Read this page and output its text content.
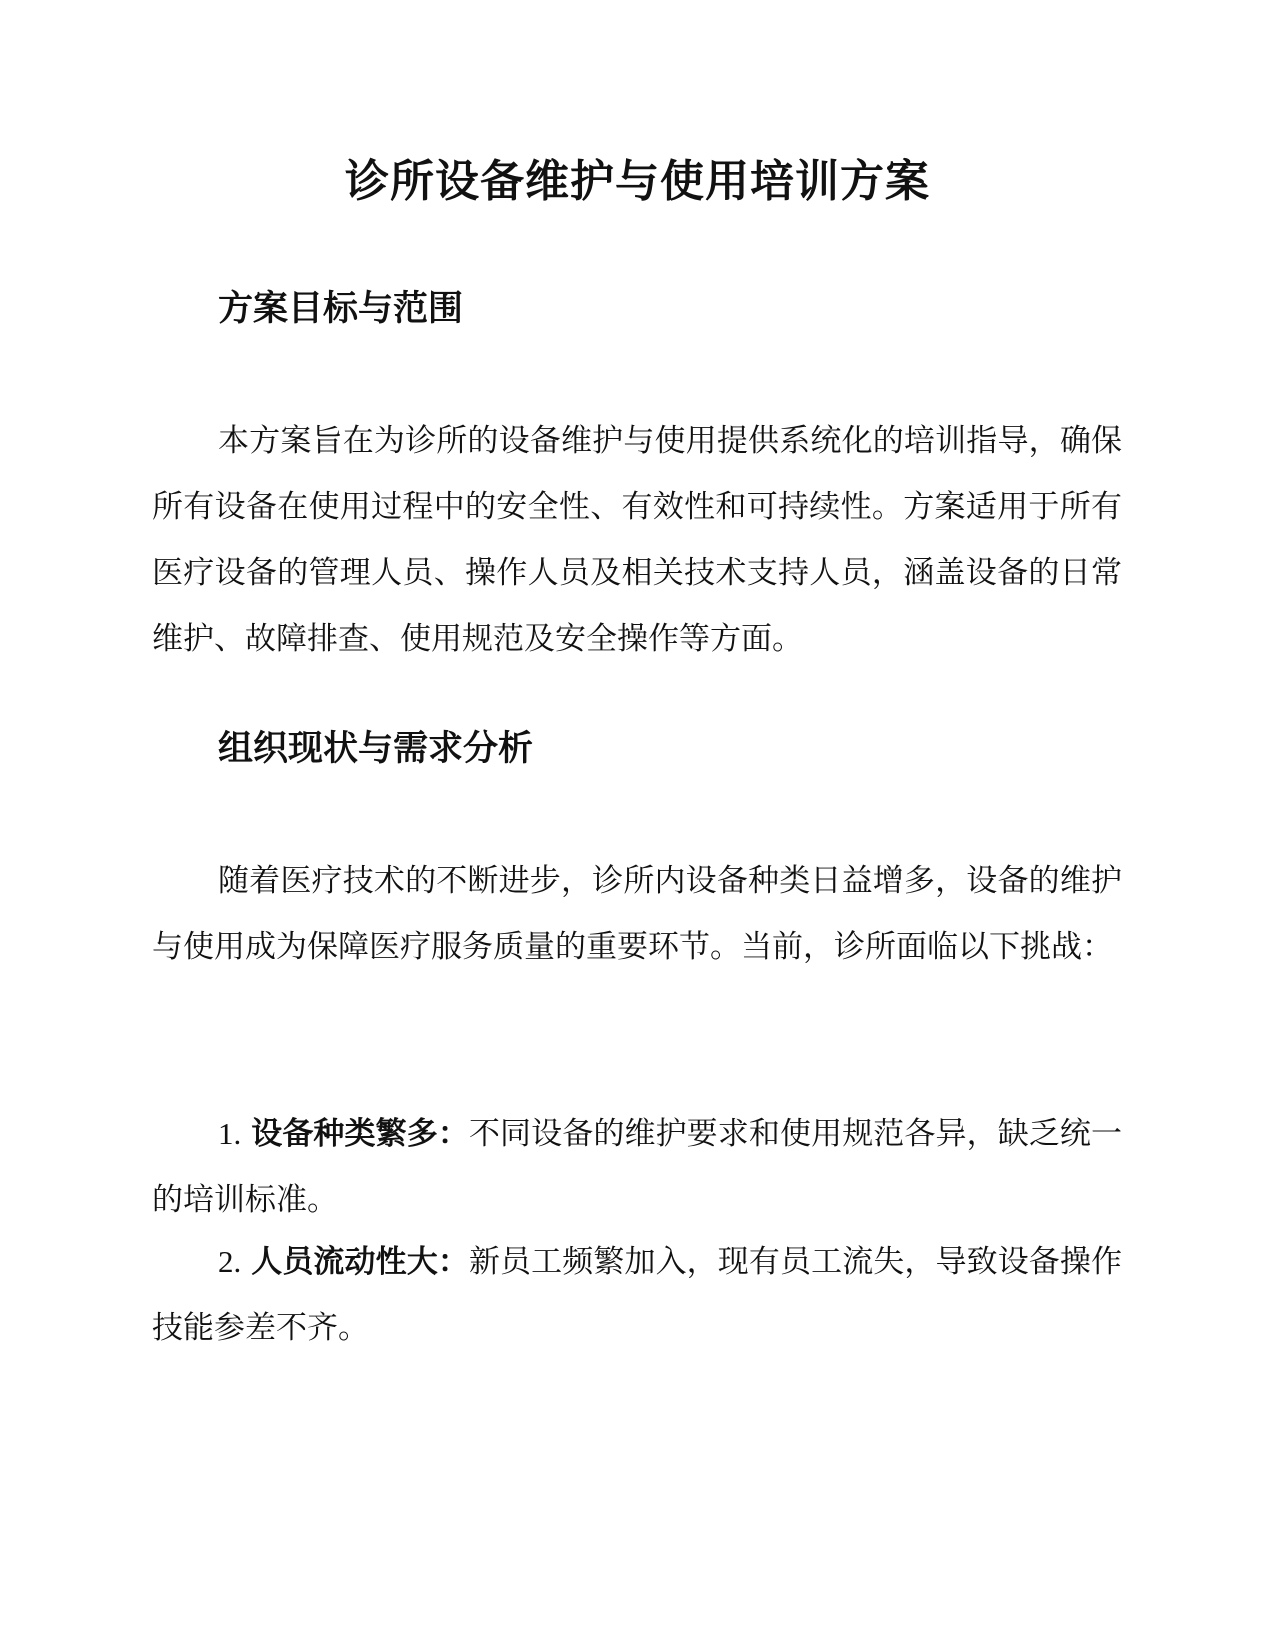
诊所设备维护与使用培训方案
方案目标与范围

本方案旨在为诊所的设备维护与使用提供系统化的培训指导，确保所有设备在使用过程中的安全性、有效性和可持续性。方案适用于所有医疗设备的管理人员、操作人员及相关技术支持人员，涵盖设备的日常维护、故障排查、使用规范及安全操作等方面。

组织现状与需求分析

随着医疗技术的不断进步，诊所内设备种类日益增多，设备的维护与使用成为保障医疗服务质量的重要环节。当前，诊所面临以下挑战：

1. 设备种类繁多：不同设备的维护要求和使用规范各异，缺乏统一的培训标准。

2. 人员流动性大：新员工频繁加入，现有员工流失，导致设备操作技能参差不齐。
